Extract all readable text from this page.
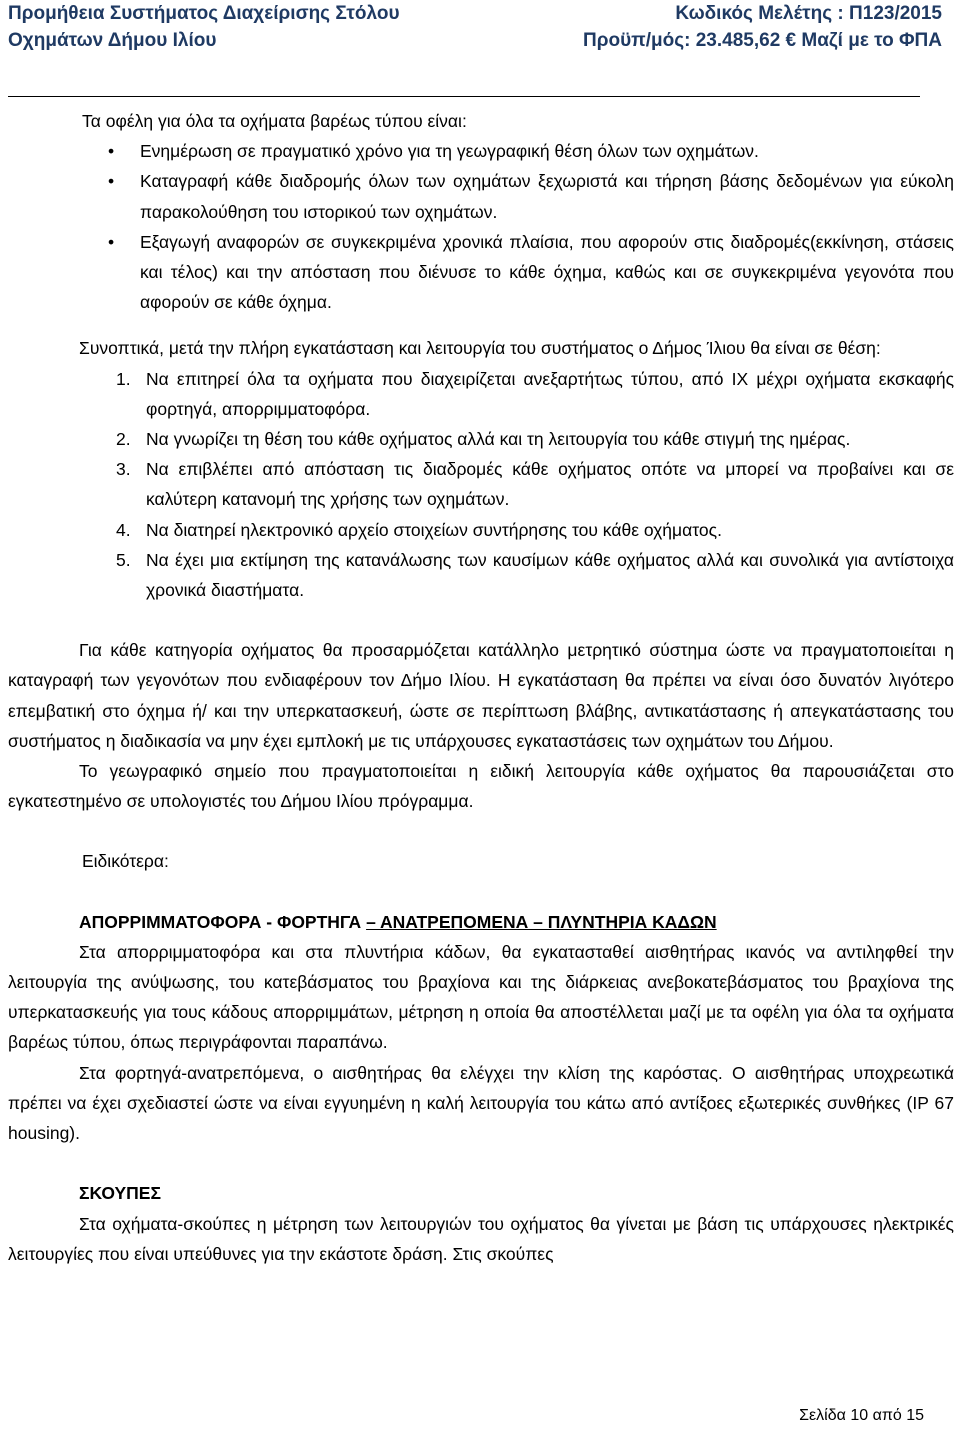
Προμήθεια Συστήματος Διαχείρισης Στόλου
Οχημάτων Δήμου Ιλίου
Κωδικός Μελέτης : Π123/2015
Προϋπ/μός: 23.485,62 € Μαζί με το ΦΠΑ

Τα οφέλη για όλα τα οχήματα βαρέως τύπου είναι:

• Ενημέρωση σε πραγματικό χρόνο για τη γεωγραφική θέση όλων των οχημάτων.
• Καταγραφή κάθε διαδρομής όλων των οχημάτων ξεχωριστά και τήρηση βάσης δεδομένων για εύκολη παρακολούθηση του ιστορικού των οχημάτων.
• Εξαγωγή αναφορών σε συγκεκριμένα χρονικά πλαίσια, που αφορούν στις διαδρομές(εκκίνηση, στάσεις και τέλος) και την απόσταση που διένυσε το κάθε όχημα, καθώς και σε συγκεκριμένα γεγονότα που αφορούν σε κάθε όχημα.

Συνοπτικά, μετά την πλήρη εγκατάσταση και λειτουργία του συστήματος ο Δήμος Ίλιου θα είναι σε θέση:

1. Να επιτηρεί όλα τα οχήματα που διαχειρίζεται ανεξαρτήτως τύπου, από ΙΧ μέχρι οχήματα εκσκαφής φορτηγά, απορριμματοφόρα.
2. Να γνωρίζει τη θέση του κάθε οχήματος αλλά και τη λειτουργία του κάθε στιγμή της ημέρας.
3. Να επιβλέπει από απόσταση τις διαδρομές κάθε οχήματος οπότε να μπορεί να προβαίνει και σε καλύτερη κατανομή της χρήσης των οχημάτων.
4. Να διατηρεί ηλεκτρονικό αρχείο στοιχείων συντήρησης του κάθε οχήματος.
5. Να έχει μια εκτίμηση της κατανάλωσης των καυσίμων κάθε οχήματος αλλά και συνολικά για αντίστοιχα χρονικά διαστήματα.

Για κάθε κατηγορία οχήματος θα προσαρμόζεται κατάλληλο μετρητικό σύστημα ώστε να πραγματοποιείται η καταγραφή των γεγονότων που ενδιαφέρουν τον Δήμο Ιλίου. Η εγκατάσταση θα πρέπει να είναι όσο δυνατόν λιγότερο επεμβατική στο όχημα ή/ και την υπερκατασκευή, ώστε σε περίπτωση βλάβης, αντικατάστασης ή απεγκατάστασης του συστήματος η διαδικασία να μην έχει εμπλοκή με τις υπάρχουσες εγκαταστάσεις των οχημάτων του Δήμου.

Το γεωγραφικό σημείο που πραγματοποιείται η ειδική λειτουργία κάθε οχήματος θα παρουσιάζεται στο εγκατεστημένο σε υπολογιστές του Δήμου Ιλίου πρόγραμμα.

Ειδικότερα:

ΑΠΟΡΡΙΜΜΑΤΟΦΟΡΑ - ΦΟΡΤΗΓΑ – ΑΝΑΤΡΕΠΟΜΕΝΑ – ΠΛΥΝΤΗΡΙΑ ΚΑΔΩΝ

Στα απορριμματοφόρα και στα πλυντήρια κάδων, θα εγκατασταθεί αισθητήρας ικανός να αντιληφθεί την λειτουργία της ανύψωσης, του κατεβάσματος του βραχίονα και της διάρκειας ανεβοκατεβάσματος του βραχίονα της υπερκατασκευής για τους κάδους απορριμμάτων, μέτρηση η οποία θα αποστέλλεται μαζί με τα οφέλη για όλα τα οχήματα βαρέως τύπου, όπως περιγράφονται παραπάνω.

Στα φορτηγά-ανατρεπόμενα, ο αισθητήρας θα ελέγχει την κλίση της καρόστας. Ο αισθητήρας υποχρεωτικά πρέπει να έχει σχεδιαστεί ώστε να είναι εγγυημένη η καλή λειτουργία του κάτω από αντίξοες εξωτερικές συνθήκες (IP 67 housing).

ΣΚΟΥΠΕΣ

Στα οχήματα-σκούπες η μέτρηση των λειτουργιών του οχήματος θα γίνεται με βάση τις υπάρχουσες ηλεκτρικές λειτουργίες που είναι υπεύθυνες για την εκάστοτε δράση. Στις σκούπες

Σελίδα 10 από 15
